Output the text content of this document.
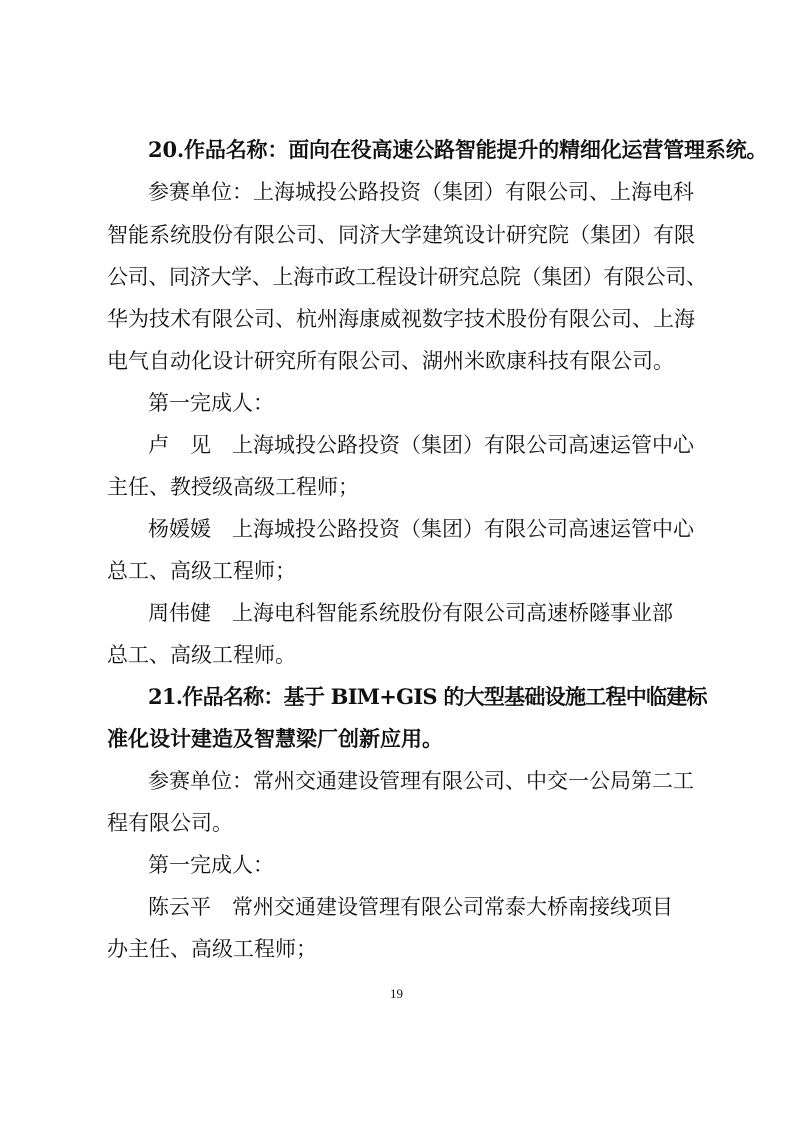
20.作品名称：面向在役高速公路智能提升的精细化运营管理系统。
参赛单位：上海城投公路投资（集团）有限公司、上海电科
智能系统股份有限公司、同济大学建筑设计研究院（集团）有限
公司、同济大学、上海市政工程设计研究总院（集团）有限公司、
华为技术有限公司、杭州海康威视数字技术股份有限公司、上海
电气自动化设计研究所有限公司、湖州米欧康科技有限公司。
第一完成人：
卢　见　上海城投公路投资（集团）有限公司高速运管中心
主任、教授级高级工程师；
杨媛媛　上海城投公路投资（集团）有限公司高速运管中心
总工、高级工程师；
周伟健　上海电科智能系统股份有限公司高速桥隧事业部
总工、高级工程师。
21.作品名称：基于 BIM+GIS 的大型基础设施工程中临建标
准化设计建造及智慧梁厂创新应用。
参赛单位：常州交通建设管理有限公司、中交一公局第二工
程有限公司。
第一完成人：
陈云平　常州交通建设管理有限公司常泰大桥南接线项目
办主任、高级工程师；
19
